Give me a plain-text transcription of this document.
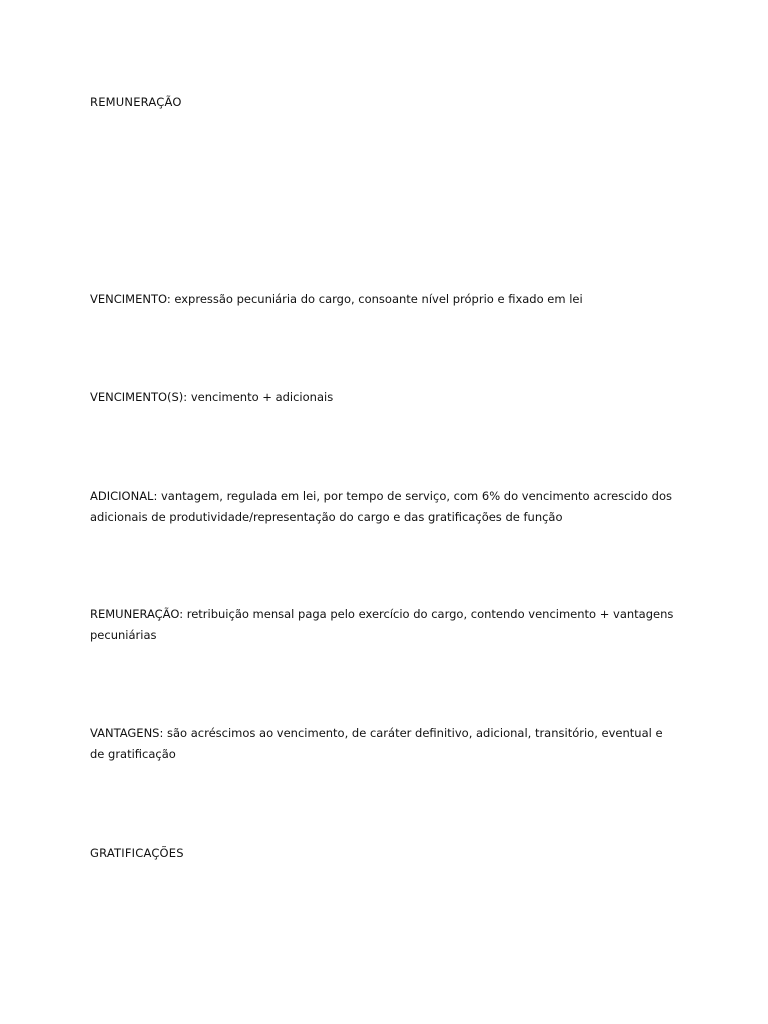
REMUNERAÇÃO

VENCIMENTO: expressão pecuniária do cargo, consoante nível próprio e fixado em lei

VENCIMENTO(S): vencimento + adicionais

ADICIONAL: vantagem, regulada em lei, por tempo de serviço, com 6% do vencimento acrescido dos adicionais de produtividade/representação do cargo e das gratificações de função

REMUNERAÇÃO: retribuição mensal paga pelo exercício do cargo, contendo vencimento + vantagens pecuniárias

VANTAGENS: são acréscimos ao vencimento, de caráter definitivo, adicional, transitório, eventual e de gratificação

GRATIFICAÇÕES
